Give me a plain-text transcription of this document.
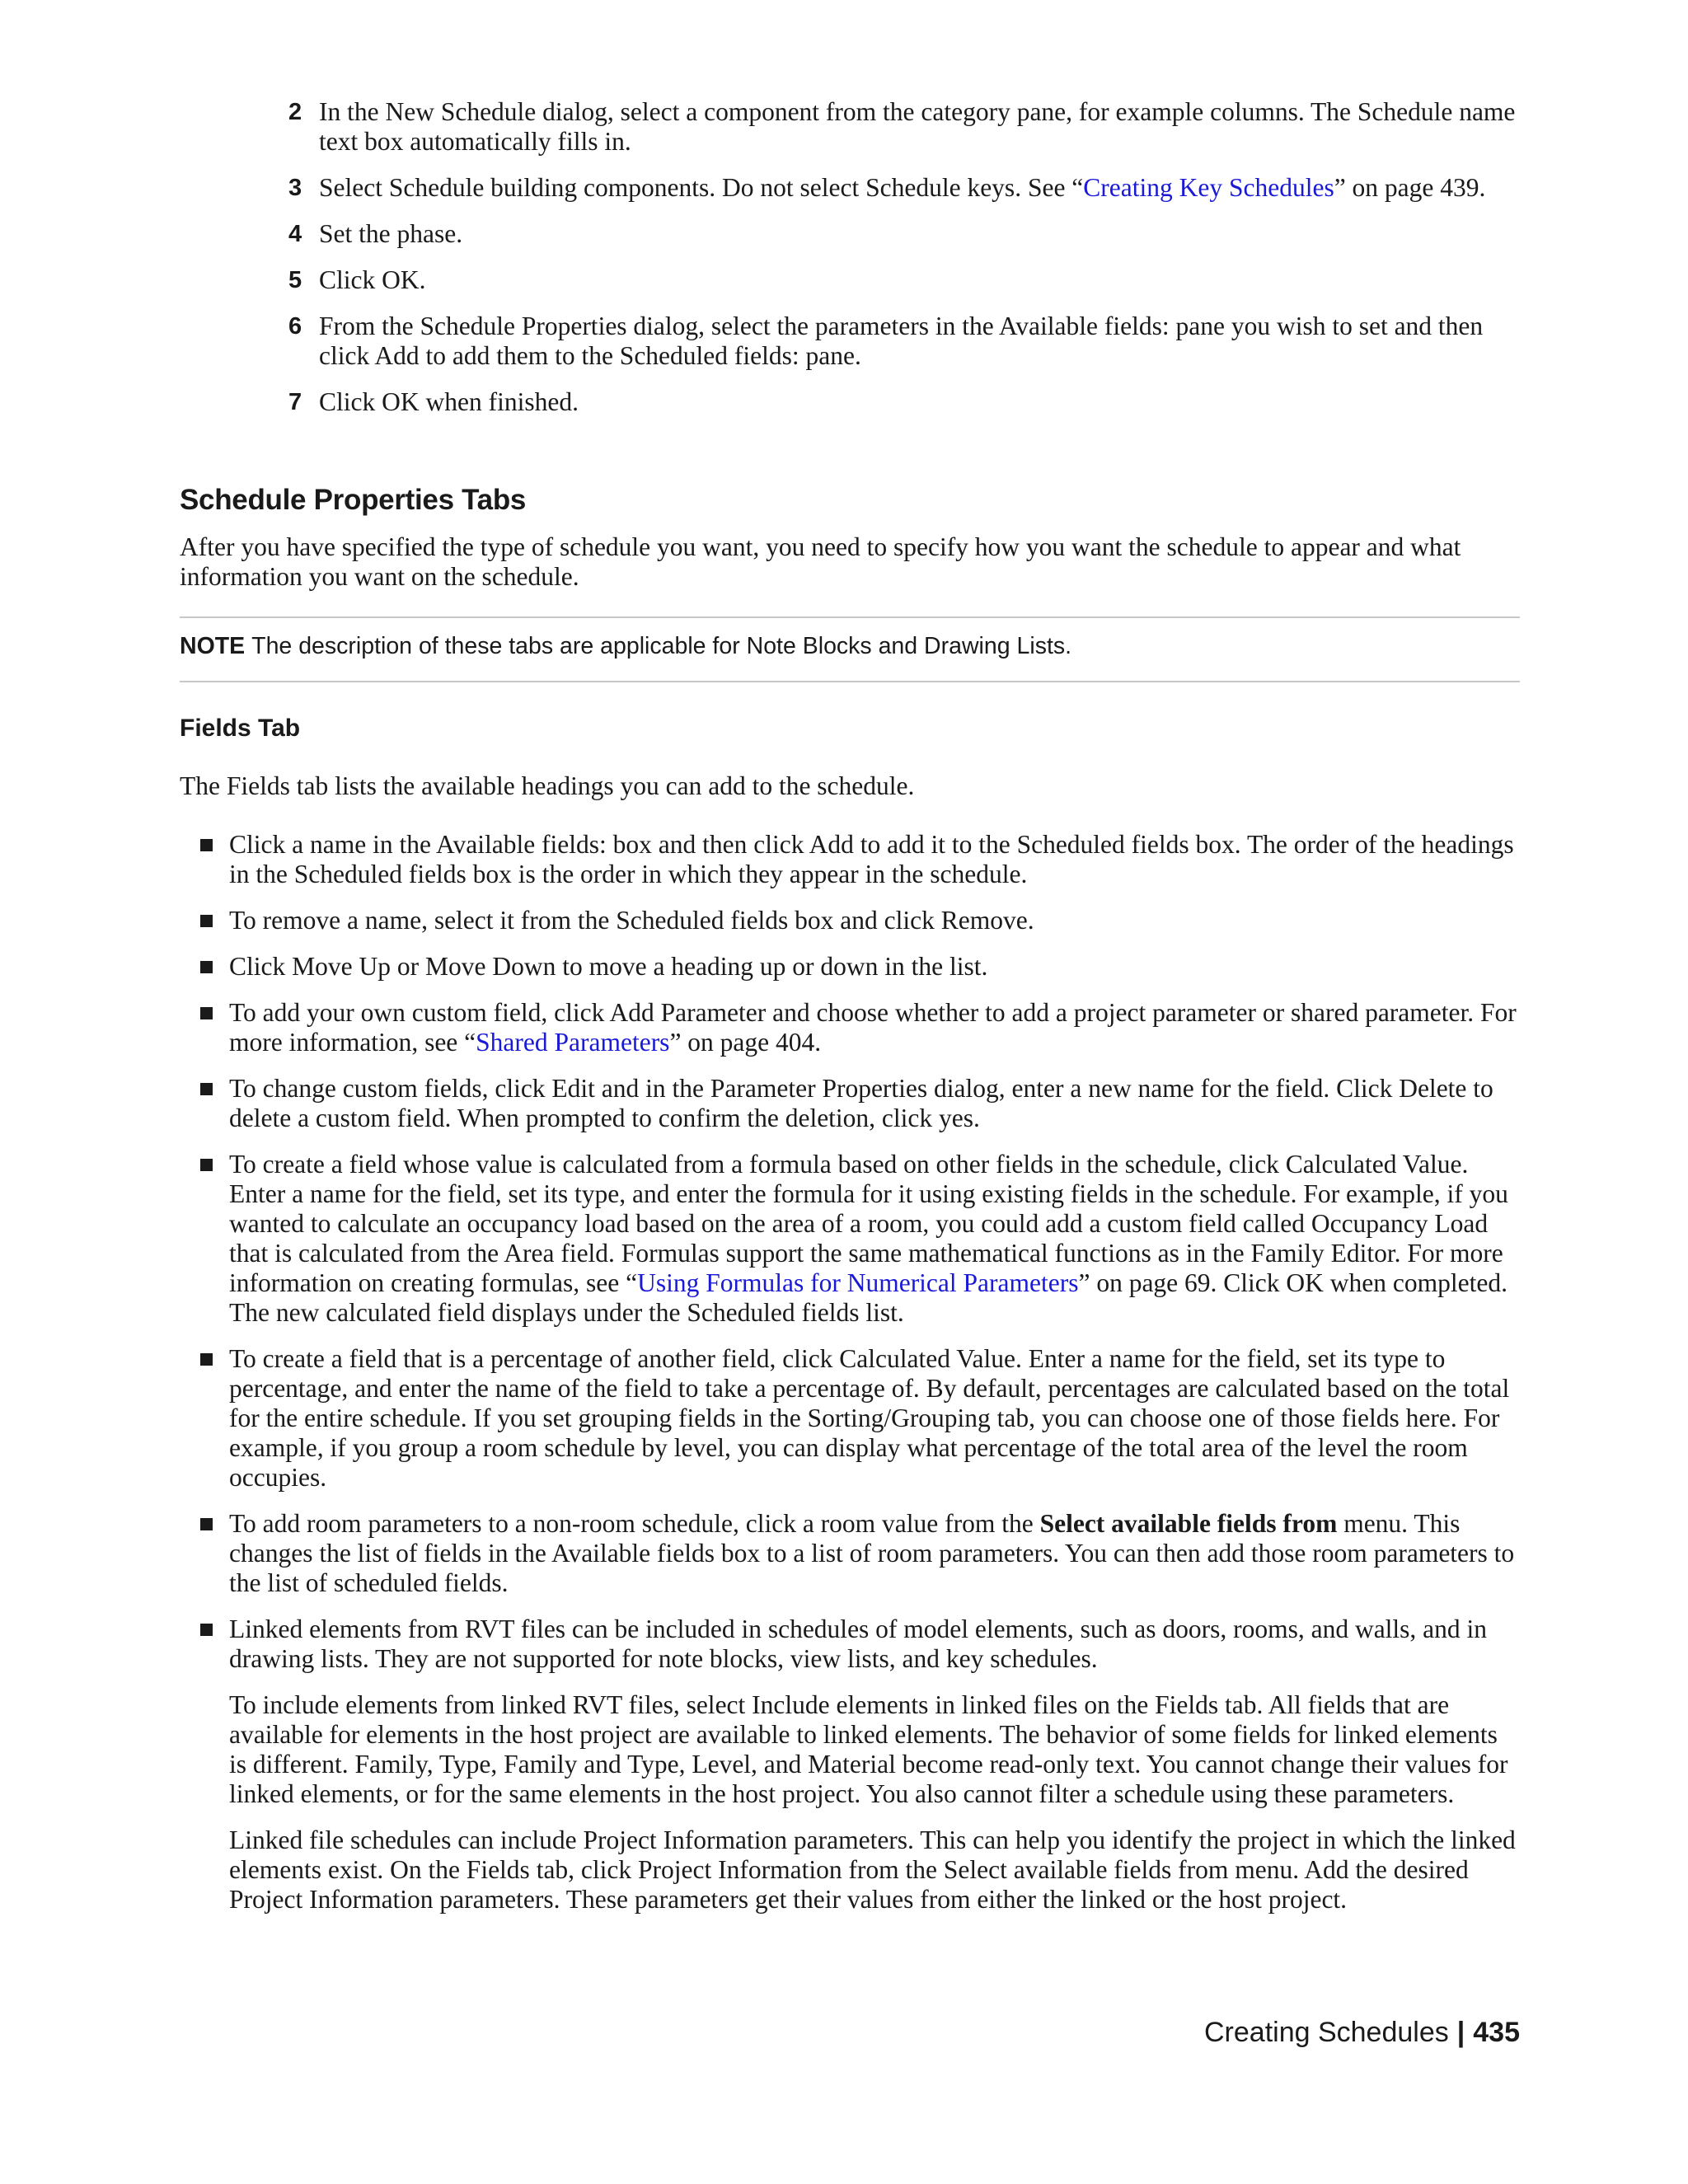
2 In the New Schedule dialog, select a component from the category pane, for example columns. The Schedule name text box automatically fills in.
3 Select Schedule building components. Do not select Schedule keys. See “Creating Key Schedules” on page 439.
4 Set the phase.
5 Click OK.
6 From the Schedule Properties dialog, select the parameters in the Available fields: pane you wish to set and then click Add to add them to the Scheduled fields: pane.
7 Click OK when finished.
Schedule Properties Tabs

After you have specified the type of schedule you want, you need to specify how you want the schedule to appear and what information you want on the schedule.

NOTE The description of these tabs are applicable for Note Blocks and Drawing Lists.

Fields Tab

The Fields tab lists the available headings you can add to the schedule.

Click a name in the Available fields: box and then click Add to add it to the Scheduled fields box. The order of the headings in the Scheduled fields box is the order in which they appear in the schedule.

To remove a name, select it from the Scheduled fields box and click Remove.

Click Move Up or Move Down to move a heading up or down in the list.

To add your own custom field, click Add Parameter and choose whether to add a project parameter or shared parameter. For more information, see “Shared Parameters” on page 404.

To change custom fields, click Edit and in the Parameter Properties dialog, enter a new name for the field. Click Delete to delete a custom field. When prompted to confirm the deletion, click yes.

To create a field whose value is calculated from a formula based on other fields in the schedule, click Calculated Value. Enter a name for the field, set its type, and enter the formula for it using existing fields in the schedule. For example, if you wanted to calculate an occupancy load based on the area of a room, you could add a custom field called Occupancy Load that is calculated from the Area field. Formulas support the same mathematical functions as in the Family Editor. For more information on creating formulas, see “Using Formulas for Numerical Parameters” on page 69. Click OK when completed. The new calculated field displays under the Scheduled fields list.

To create a field that is a percentage of another field, click Calculated Value. Enter a name for the field, set its type to percentage, and enter the name of the field to take a percentage of. By default, percentages are calculated based on the total for the entire schedule. If you set grouping fields in the Sorting/Grouping tab, you can choose one of those fields here. For example, if you group a room schedule by level, you can display what percentage of the total area of the level the room occupies.

To add room parameters to a non-room schedule, click a room value from the Select available fields from menu. This changes the list of fields in the Available fields box to a list of room parameters. You can then add those room parameters to the list of scheduled fields.

Linked elements from RVT files can be included in schedules of model elements, such as doors, rooms, and walls, and in drawing lists. They are not supported for note blocks, view lists, and key schedules.

To include elements from linked RVT files, select Include elements in linked files on the Fields tab. All fields that are available for elements in the host project are available to linked elements. The behavior of some fields for linked elements is different. Family, Type, Family and Type, Level, and Material become read-only text. You cannot change their values for linked elements, or for the same elements in the host project. You also cannot filter a schedule using these parameters.

Linked file schedules can include Project Information parameters. This can help you identify the project in which the linked elements exist. On the Fields tab, click Project Information from the Select available fields from menu. Add the desired Project Information parameters. These parameters get their values from either the linked or the host project.

Creating Schedules | 435
